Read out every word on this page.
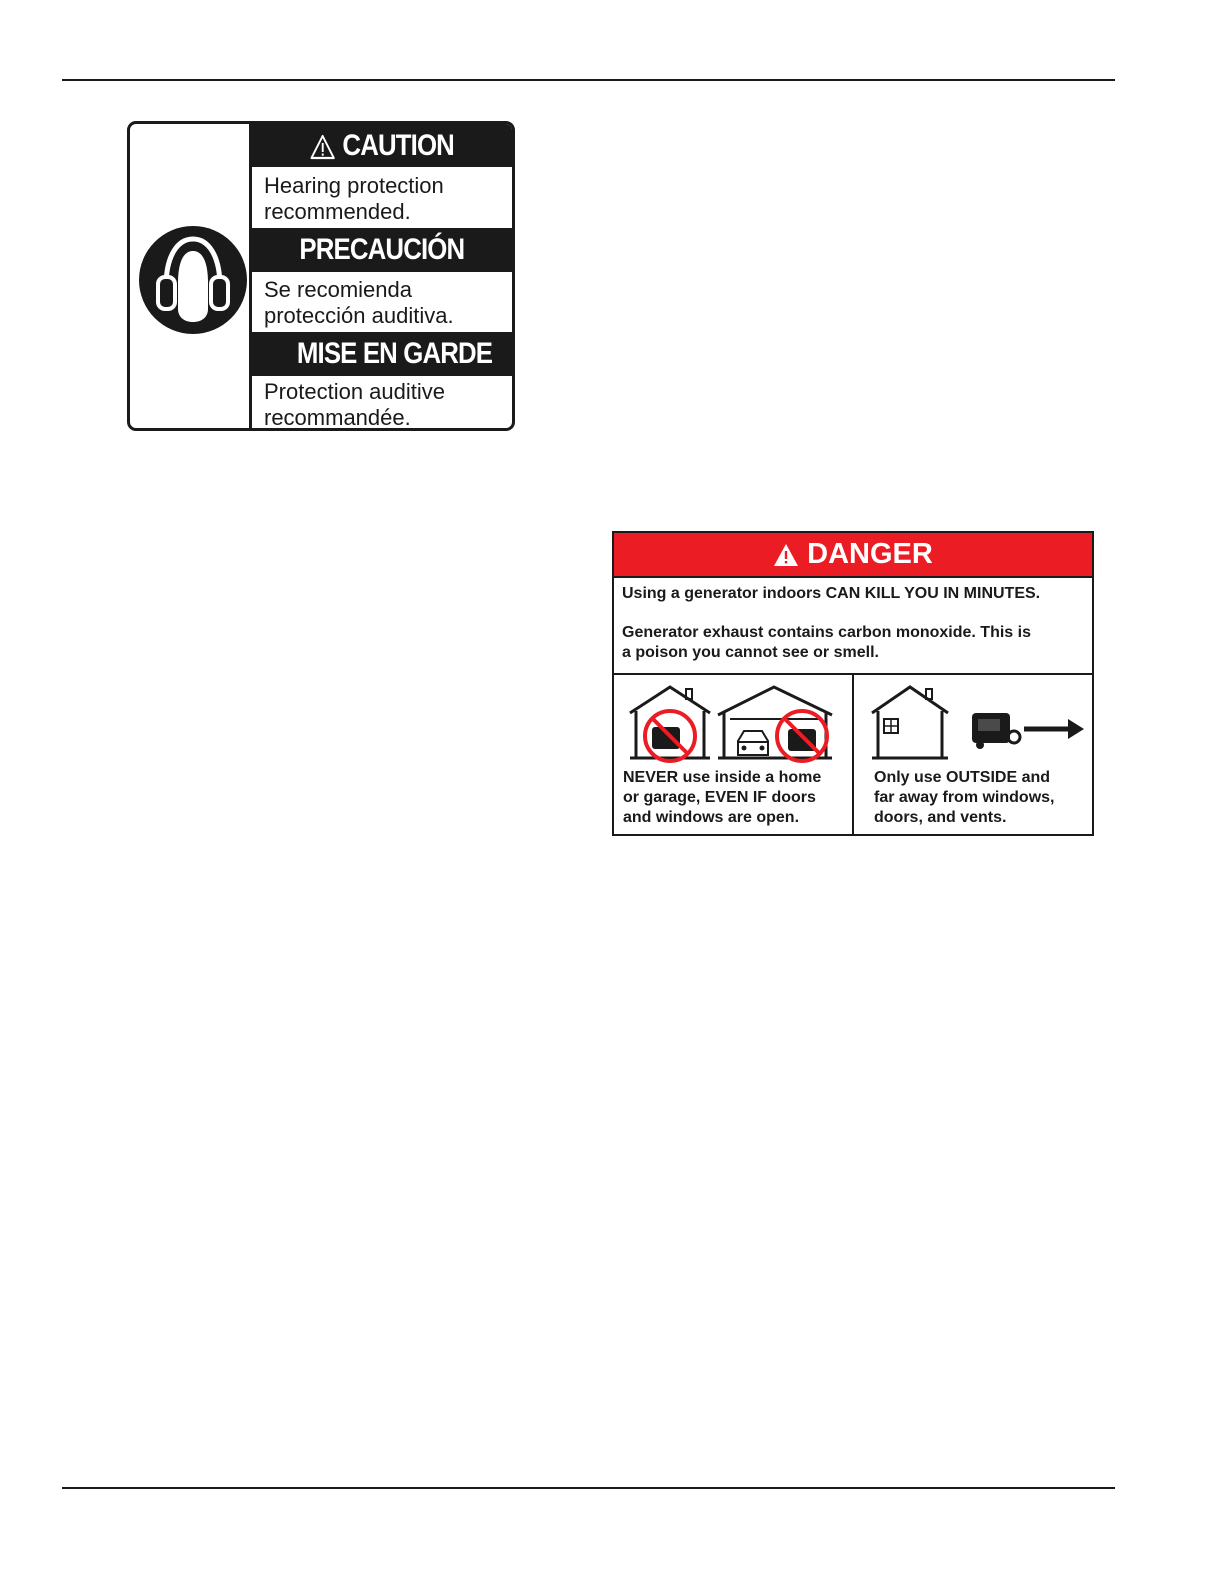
CAUTION
Hearing protection
recommended.
PRECAUCIÓN
Se recomienda
protección auditiva.
MISE EN GARDE
Protection auditive
recommandée.
DANGER

Using a generator indoors CAN KILL YOU IN MINUTES.

Generator exhaust contains carbon monoxide. This is

a poison you cannot see or smell.

NEVER use inside a home
or garage, EVEN IF doors
and windows are open.
Only use OUTSIDE and
far away from windows,
doors, and vents.
